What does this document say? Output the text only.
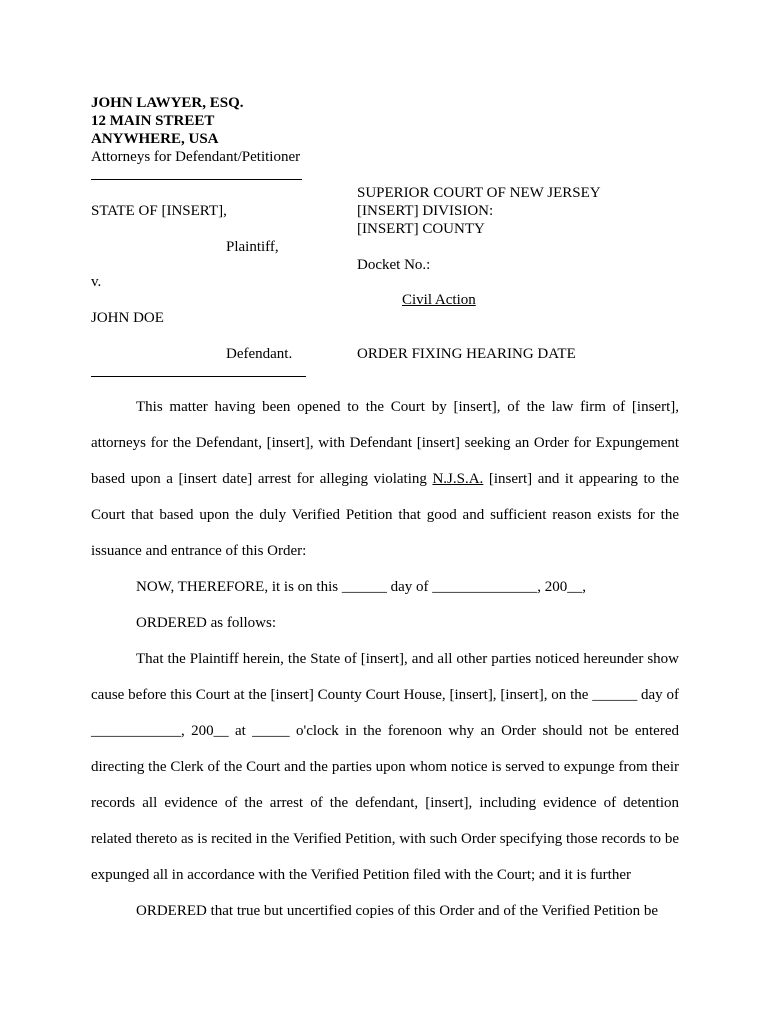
JOHN LAWYER, ESQ.
12 MAIN STREET
ANYWHERE, USA
Attorneys for Defendant/Petitioner
STATE OF [INSERT],
Plaintiff,
v.
JOHN DOE
Defendant.
SUPERIOR COURT OF NEW JERSEY
[INSERT] DIVISION:
[INSERT] COUNTY
Docket No.:
Civil Action
ORDER FIXING HEARING DATE

This matter having been opened to the Court by [insert], of the law firm of [insert], attorneys for the Defendant, [insert], with Defendant [insert] seeking an Order for Expungement based upon a [insert date] arrest for alleging violating N.J.S.A. [insert] and it appearing to the Court that based upon the duly Verified Petition that good and sufficient reason exists for the issuance and entrance of this Order:

NOW, THEREFORE, it is on this ______ day of ______________, 200__,

ORDERED as follows:

That the Plaintiff herein, the State of [insert], and all other parties noticed hereunder show cause before this Court at the [insert] County Court House, [insert], [insert], on the ______ day of ____________, 200__ at _____ o'clock in the forenoon why an Order should not be entered directing the Clerk of the Court and the parties upon whom notice is served to expunge from their records all evidence of the arrest of the defendant, [insert], including evidence of detention related thereto as is recited in the Verified Petition, with such Order specifying those records to be expunged all in accordance with the Verified Petition filed with the Court; and it is further

ORDERED that true but uncertified copies of this Order and of the Verified Petition be
